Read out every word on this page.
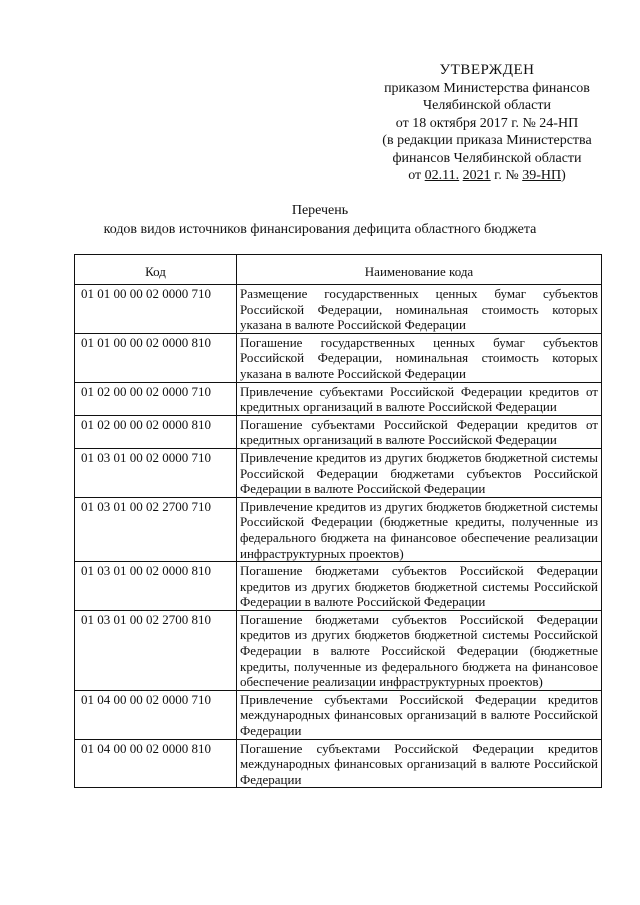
УТВЕРЖДЕН
приказом Министерства финансов
Челябинской области
от 18 октября 2017 г. № 24-НП
(в редакции приказа Министерства
финансов Челябинской области
от 02.11. 2021 г. № 39-НП)
Перечень
кодов видов источников финансирования дефицита областного бюджета
Код	Наименование кода
01 01 00 00 02 0000 710	Размещение государственных ценных бумаг субъектов Российской Федерации, номинальная стоимость которых указана в валюте Российской Федерации
01 01 00 00 02 0000 810	Погашение государственных ценных бумаг субъектов Российской Федерации, номинальная стоимость которых указана в валюте Российской Федерации
01 02 00 00 02 0000 710	Привлечение субъектами Российской Федерации кредитов от кредитных организаций в валюте Российской Федерации
01 02 00 00 02 0000 810	Погашение субъектами Российской Федерации кредитов от кредитных организаций в валюте Российской Федерации
01 03 01 00 02 0000 710	Привлечение кредитов из других бюджетов бюджетной системы Российской Федерации бюджетами субъектов Российской Федерации в валюте Российской Федерации
01 03 01 00 02 2700 710	Привлечение кредитов из других бюджетов бюджетной системы Российской Федерации (бюджетные кредиты, полученные из федерального бюджета на финансовое обеспечение реализации инфраструктурных проектов)
01 03 01 00 02 0000 810	Погашение бюджетами субъектов Российской Федерации кредитов из других бюджетов бюджетной системы Российской Федерации в валюте Российской Федерации
01 03 01 00 02 2700 810	Погашение бюджетами субъектов Российской Федерации кредитов из других бюджетов бюджетной системы Российской Федерации в валюте Российской Федерации (бюджетные кредиты, полученные из федерального бюджета на финансовое обеспечение реализации инфраструктурных проектов)
01 04 00 00 02 0000 710	Привлечение субъектами Российской Федерации кредитов международных финансовых организаций в валюте Российской Федерации
01 04 00 00 02 0000 810	Погашение субъектами Российской Федерации кредитов международных финансовых организаций в валюте Российской Федерации
